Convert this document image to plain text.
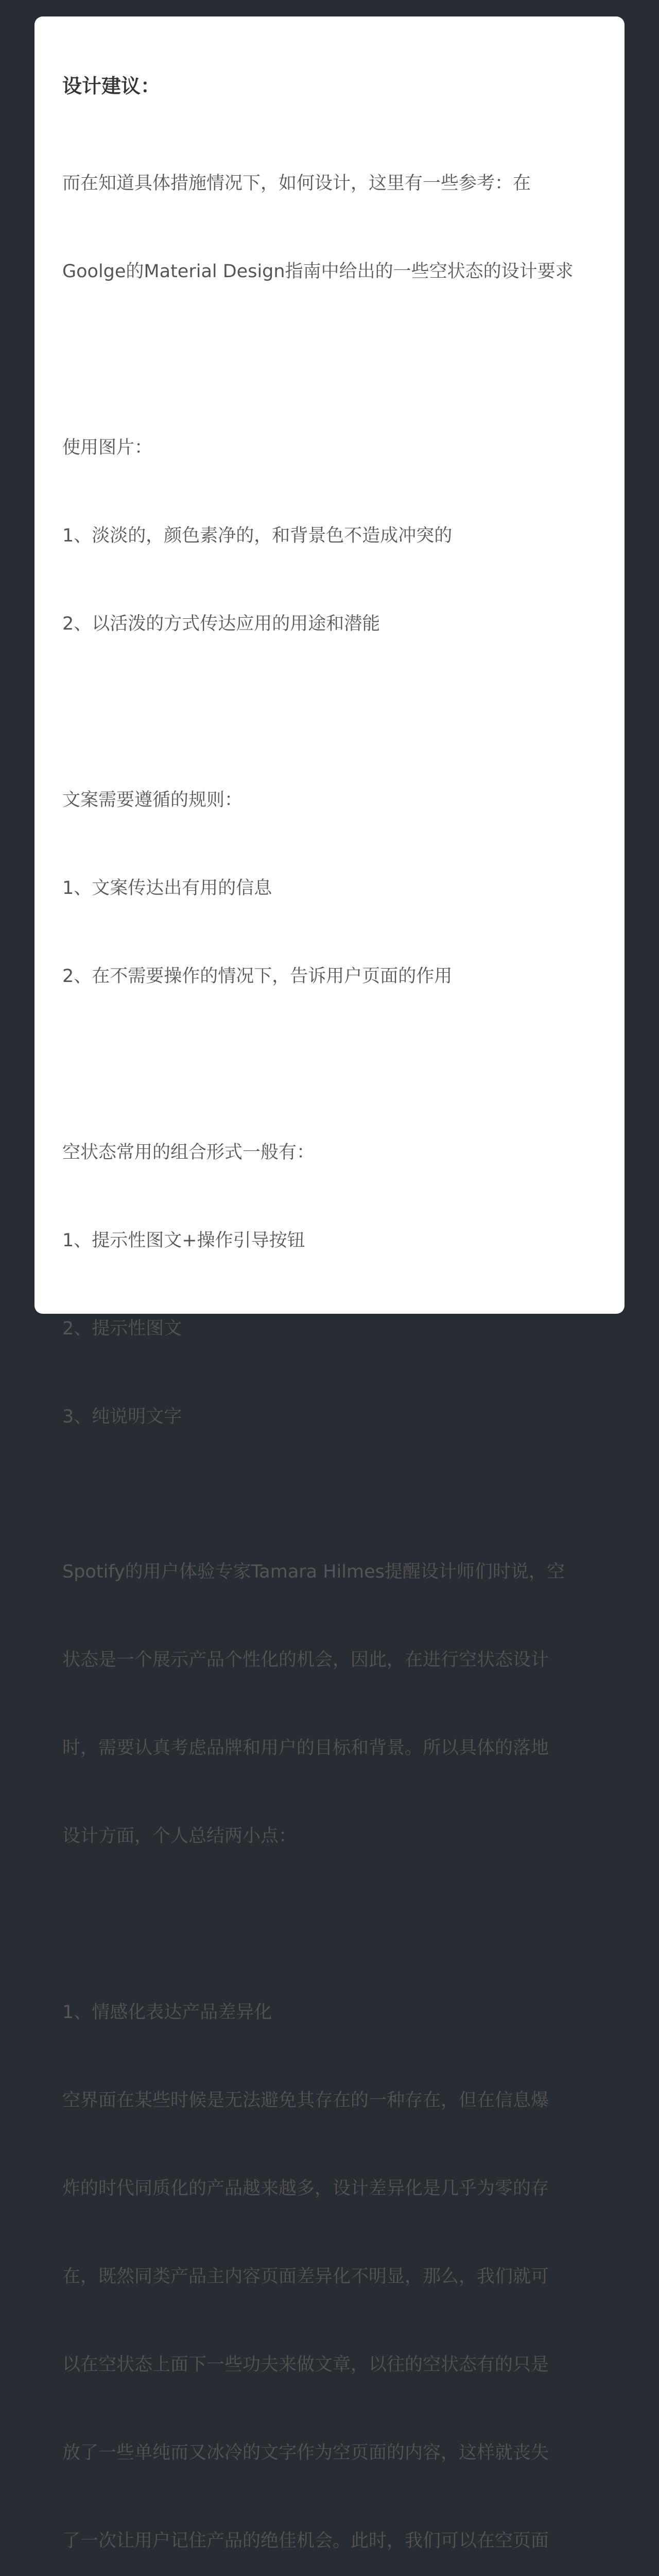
设计建议：

而在知道具体措施情况下，如何设计，这里有一些参考：在

Goolge的Material Design指南中给出的一些空状态的设计要求

使用图片：

1、淡淡的，颜色素净的，和背景色不造成冲突的

2、以活泼的方式传达应用的用途和潜能

文案需要遵循的规则：

1、文案传达出有用的信息

2、在不需要操作的情况下，告诉用户页面的作用

空状态常用的组合形式一般有：

1、提示性图文+操作引导按钮

2、提示性图文

3、纯说明文字

Spotify的用户体验专家Tamara Hilmes提醒设计师们时说，空

状态是一个展示产品个性化的机会，因此，在进行空状态设计

时，需要认真考虑品牌和用户的目标和背景。所以具体的落地

设计方面，个人总结两小点：

1、情感化表达产品差异化

空界面在某些时候是无法避免其存在的一种存在，但在信息爆

炸的时代同质化的产品越来越多，设计差异化是几乎为零的存

在，既然同类产品主内容页面差异化不明显，那么，我们就可

以在空状态上面下一些功夫来做文章，以往的空状态有的只是

放了一些单纯而又冰冷的文字作为空页面的内容，这样就丧失

了一次让用户记住产品的绝佳机会。此时，我们可以在空页面
